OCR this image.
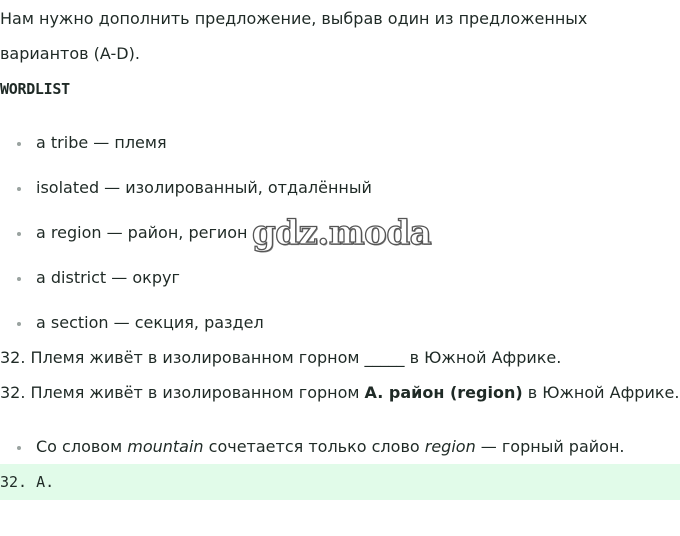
Нам нужно дополнить предложение, выбрав один из предложенных
вариантов (A-D).
WORDLIST
a tribe — племя
isolated — изолированный, отдалённый
a region — район, регион
a district — округ
a section — секция, раздел
gdz.moda
32. Племя живёт в изолированном горном _____ в Южной Африке.
32. Племя живёт в изолированном горном A. район (region) в Южной Африке.
Со словом mountain сочетается только слово region — горный район.
32. A.
